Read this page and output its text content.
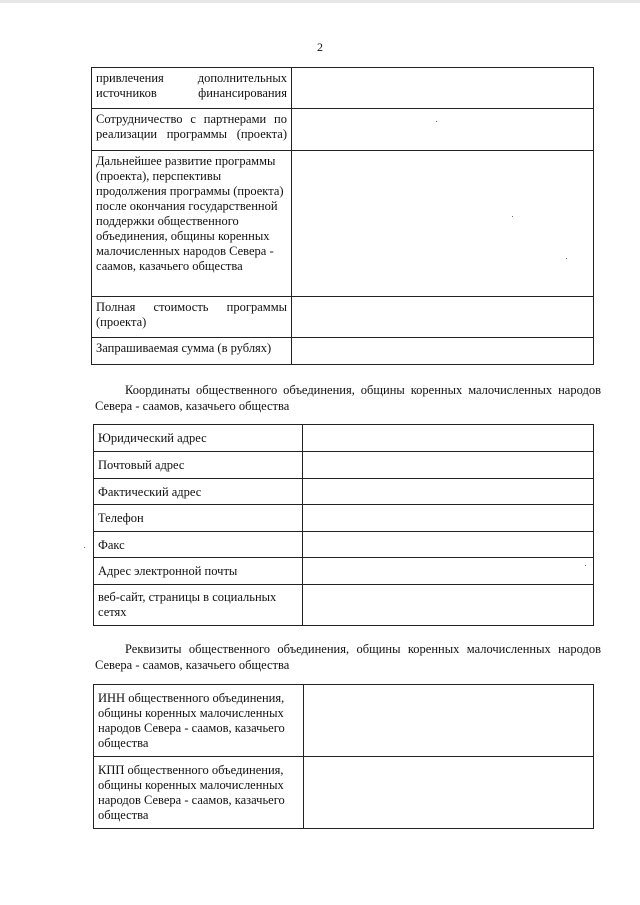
2
привлечения дополнительных источников финансирования	
Сотрудничество с партнерами по реализации программы (проекта)	
Дальнейшее развитие программы (проекта), перспективы продолжения программы (проекта) после окончания государственной поддержки общественного объединения, общины коренных малочисленных народов Севера - саамов, казачьего общества	
Полная стоимость программы (проекта)	
Запрашиваемая сумма (в рублях)	
Координаты общественного объединения, общины коренных малочисленных народов Севера - саамов, казачьего общества
Юридический адрес	
Почтовый адрес	
Фактический адрес	
Телефон	
Факс	
Адрес электронной почты	
веб-сайт, страницы в социальных сетях	
Реквизиты общественного объединения, общины коренных малочисленных народов Севера - саамов, казачьего общества
ИНН общественного объединения, общины коренных малочисленных народов Севера - саамов, казачьего общества	
КПП общественного объединения, общины коренных малочисленных народов Севера - саамов, казачьего общества	
